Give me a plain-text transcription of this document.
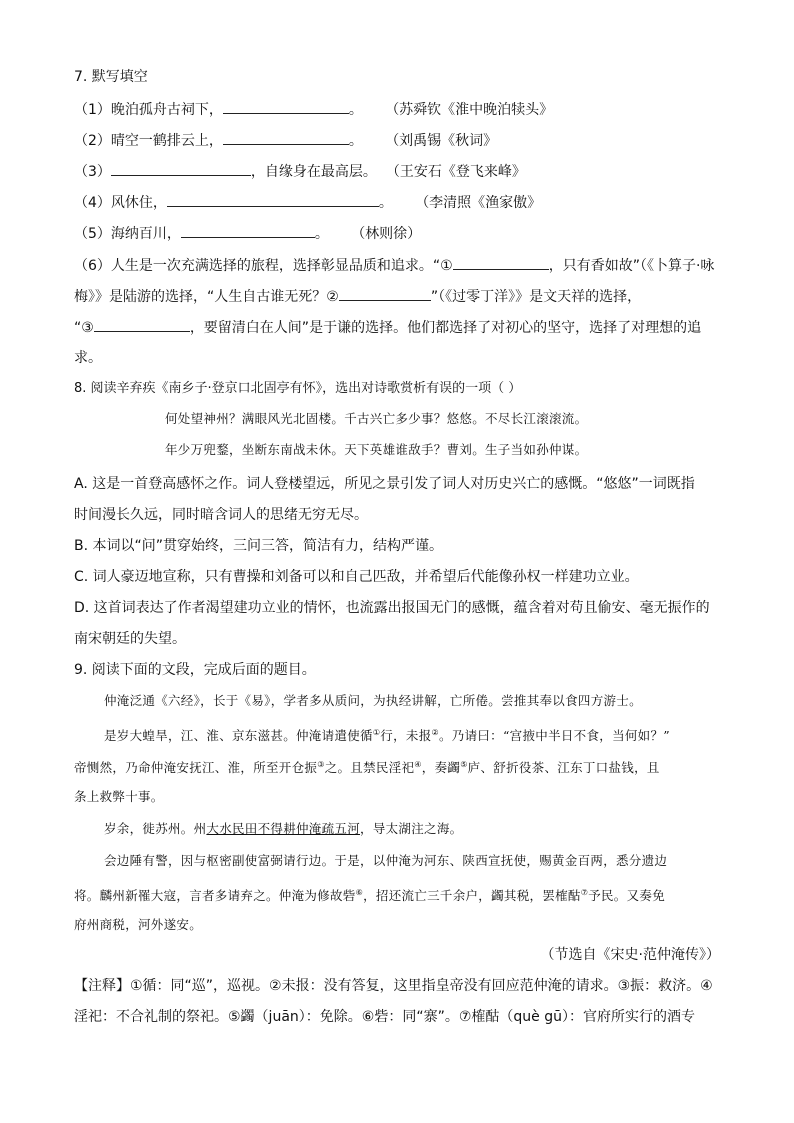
7. 默写填空
（1）晚泊孤舟古祠下，	。 （苏舜钦《淮中晚泊犊头》
（2）晴空一鹤排云上，	。 （刘禹锡《秋词》
（3）	，自缘身在最高层。 （王安石《登飞来峰》
（4）风休住，	。 （李清照《渔家傲》
（5）海纳百川，	。 （林则徐）
（6）人生是一次充满选择的旅程，选择彰显品质和追求。“①	，只有香如故”（《卜算子·咏
梅》》是陆游的选择，“人生自古谁无死？②	”（《过零丁洋》》是文天祥的选择，
“③	，要留清白在人间”是于谦的选择。他们都选择了对初心的坚守，选择了对理想的追
求。
8. 阅读辛弃疾《南乡子·登京口北固亭有怀》，选出对诗歌赏析有误的一项（ ）
何处望神州？满眼风光北固楼。千古兴亡多少事？悠悠。不尽长江滚滚流。
年少万兜鍪，坐断东南战未休。天下英雄谁敌手？曹刘。生子当如孙仲谋。
A. 这是一首登高感怀之作。词人登楼望远，所见之景引发了词人对历史兴亡的感慨。“悠悠”一词既指
时间漫长久远，同时暗含词人的思绪无穷无尽。
B. 本词以“问”贯穿始终，三问三答，简洁有力，结构严谨。
C. 词人豪迈地宣称，只有曹操和刘备可以和自己匹敌，并希望后代能像孙权一样建功立业。
D. 这首词表达了作者渴望建功立业的情怀，也流露出报国无门的感慨，蕴含着对苟且偷安、毫无振作的
南宋朝廷的失望。
9. 阅读下面的文段，完成后面的题目。
仲淹泛通《六经》，长于《易》，学者多从质问，为执经讲解，亡所倦。尝推其奉以食四方游士。
是岁大蝗旱，江、淮、京东滋甚。仲淹请遣使循①行，未报②。乃请曰：“宫掖中半日不食，当何如？”
帝恻然，乃命仲淹安抚江、淮，所至开仓振③之。且禁民淫祀④，奏蠲⑤庐、舒折役茶、江东丁口盐钱，且
条上救弊十事。
岁余，徙苏州。州大水民田不得耕仲淹疏五河，导太湖注之海。
会边陲有警，因与枢密副使富弼请行边。于是，以仲淹为河东、陕西宣抚使，赐黄金百两，悉分遗边
将。麟州新罹大寇，言者多请弃之。仲淹为修故砦⑥，招还流亡三千余户，蠲其税，罢榷酤⑦予民。又奏免
府州商税，河外遂安。
（节选自《宋史·范仲淹传》）
【注释】①循：同“巡”，巡视。②未报：没有答复，这里指皇帝没有回应范仲淹的请求。③振：救济。④
淫祀：不合礼制的祭祀。⑤蠲（juān）：免除。⑥砦：同“寨”。⑦榷酤（què gū）：官府所实行的酒专
